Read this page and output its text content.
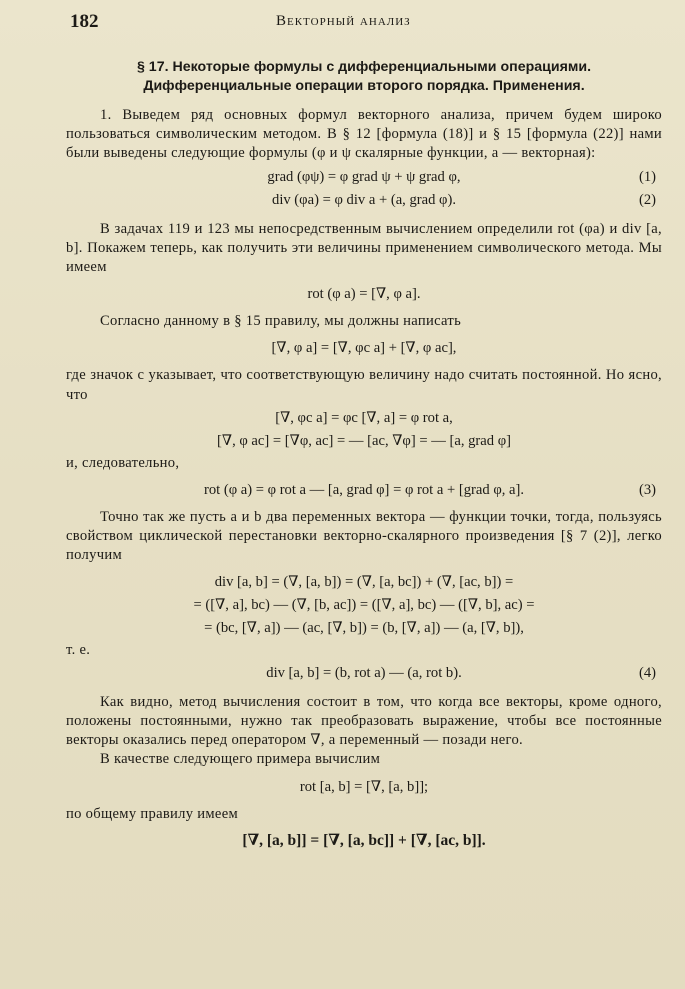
182	Векторный анализ
§ 17. Некоторые формулы с дифференциальными операциями. Дифференциальные операции второго порядка. Применения.

1. Выведем ряд основных формул векторного анализа, причем будем широко пользоваться символическим методом. В § 12 [формула (18)] и § 15 [формула (22)] нами были выведены следующие формулы (φ и ψ скалярные функции, a — векторная):

grad (φψ) = φ grad ψ + ψ grad φ,	(1)
div (φa) = φ div a + (a, grad φ).	(2)

В задачах 119 и 123 мы непосредственным вычислением определили rot (φa) и div [a, b]. Покажем теперь, как получить эти величины применением символического метода. Мы имеем

rot (φ a) = [∇, φ a].

Согласно данному в § 15 правилу, мы должны написать

[∇, φ a] = [∇, φc a] + [∇, φ ac],

где значок c указывает, что соответствующую величину надо считать постоянной. Но ясно, что

[∇, φc a] = φc [∇, a] = φ rot a,
[∇, φ ac] = [∇φ, ac] = — [ac, ∇φ] = — [a, grad φ]

и, следовательно,

rot (φ a) = φ rot a — [a, grad φ] = φ rot a + [grad φ, a].	(3)

Точно так же пусть a и b два переменных вектора — функции точки, тогда, пользуясь свойством циклической перестановки векторно-скалярного произведения [§ 7 (2)], легко получим

div [a, b] = (∇, [a, b]) = (∇, [a, bc]) + (∇, [ac, b]) =
= ([∇, a], bc) — (∇, [b, ac]) = ([∇, a], bc) — ([∇, b], ac) =
= (bc, [∇, a]) — (ac, [∇, b]) = (b, [∇, a]) — (a, [∇, b]),

т. е.

div [a, b] = (b, rot a) — (a, rot b).	(4)

Как видно, метод вычисления состоит в том, что когда все векторы, кроме одного, положены постоянными, нужно так преобразовать выражение, чтобы все постоянные векторы оказались перед оператором ∇, а переменный — позади него.

В качестве следующего примера вычислим

rot [a, b] = [∇, [a, b]];

по общему правилу имеем

[∇, [a, b]] = [∇, [a, bc]] + [∇, [ac, b]].
